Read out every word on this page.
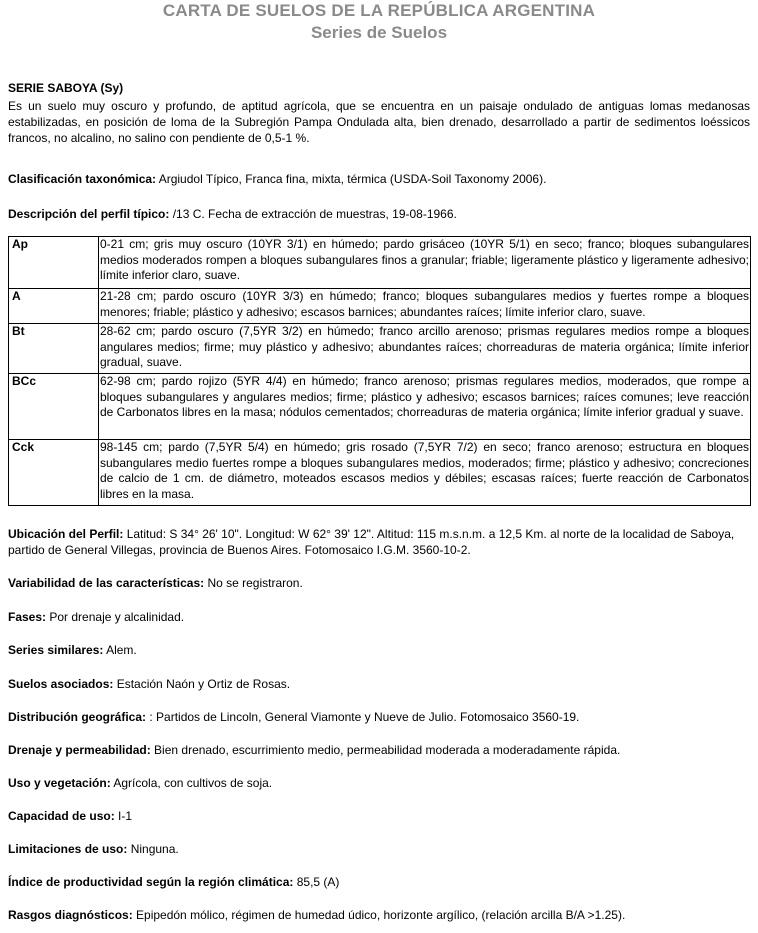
CARTA DE SUELOS DE LA REPÚBLICA ARGENTINA
Series de Suelos
SERIE SABOYA (Sy)
Es un suelo muy oscuro y profundo, de aptitud agrícola, que se encuentra en un paisaje ondulado de antiguas lomas medanosas estabilizadas, en posición de loma de la Subregión Pampa Ondulada alta, bien drenado, desarrollado a partir de sedimentos loéssicos francos, no alcalino, no salino con pendiente de 0,5-1 %.
Clasificación taxonómica: Argiudol Típico, Franca fina, mixta, térmica (USDA-Soil Taxonomy 2006).
Descripción del perfil típico: /13 C. Fecha de extracción de muestras, 19-08-1966.
Ap	0-21 cm; gris muy oscuro (10YR 3/1) en húmedo; pardo grisáceo (10YR 5/1) en seco; franco; bloques subangulares medios moderados rompen a bloques subangulares finos a granular; friable; ligeramente plástico y ligeramente adhesivo; límite inferior claro, suave.
A	21-28 cm; pardo oscuro (10YR 3/3) en húmedo; franco; bloques subangulares medios y fuertes rompe a bloques menores; friable; plástico y adhesivo; escasos barnices; abundantes raíces; límite inferior claro, suave.
Bt	28-62 cm; pardo oscuro (7,5YR 3/2) en húmedo; franco arcillo arenoso; prismas regulares medios rompe a bloques angulares medios; firme; muy plástico y adhesivo; abundantes raíces; chorreaduras de materia orgánica; límite inferior gradual, suave.
BCc	62-98 cm; pardo rojizo (5YR 4/4) en húmedo; franco arenoso; prismas regulares medios, moderados, que rompe a bloques subangulares y angulares medios; firme; plástico y adhesivo; escasos barnices; raíces comunes; leve reacción de Carbonatos libres en la masa; nódulos cementados; chorreaduras de materia orgánica; límite inferior gradual y suave.
Cck	98-145 cm; pardo (7,5YR 5/4) en húmedo; gris rosado (7,5YR 7/2) en seco; franco arenoso; estructura en bloques subangulares medio fuertes rompe a bloques subangulares medios, moderados; firme; plástico y adhesivo; concreciones de calcio de 1 cm. de diámetro, moteados escasos medios y débiles; escasas raíces; fuerte reacción de Carbonatos libres en la masa.
Ubicación del Perfil: Latitud: S 34° 26' 10". Longitud: W 62° 39' 12". Altitud: 115 m.s.n.m. a 12,5 Km. al norte de la localidad de Saboya, partido de General Villegas, provincia de Buenos Aires. Fotomosaico I.G.M. 3560-10-2.
Variabilidad de las características: No se registraron.
Fases: Por drenaje y alcalinidad.
Series similares: Alem.
Suelos asociados: Estación Naón y Ortiz de Rosas.
Distribución geográfica: : Partidos de Lincoln, General Viamonte y Nueve de Julio. Fotomosaico 3560-19.
Drenaje y permeabilidad: Bien drenado, escurrimiento medio, permeabilidad moderada a moderadamente rápida.
Uso y vegetación: Agrícola, con cultivos de soja.
Capacidad de uso: I-1
Limitaciones de uso: Ninguna.
Índice de productividad según la región climática: 85,5 (A)
Rasgos diagnósticos: Epipedón mólico, régimen de humedad údico, horizonte argílico, (relación arcilla B/A >1.25).
